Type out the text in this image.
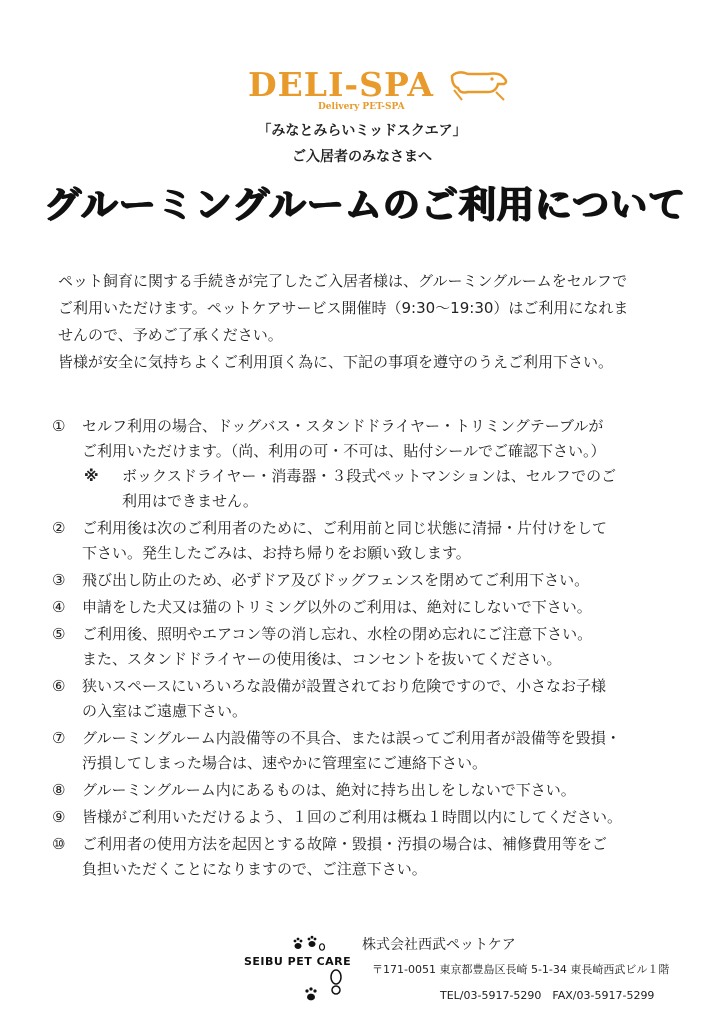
DELI-SPA
Delivery PET-SPA
「みなとみらいミッドスクエア」
ご入居者のみなさまへ
グルーミングルームのご利用について
ペット飼育に関する手続きが完了したご入居者様は、グルーミングルームをセルフで
ご利用いただけます。ペットケアサービス開催時（9:30〜19:30）はご利用になれま
せんので、予めご了承ください。
皆様が安全に気持ちよくご利用頂く為に、下記の事項を遵守のうえご利用下さい。
① セルフ利用の場合、ドッグバス・スタンドドライヤー・トリミングテーブルが
ご利用いただけます。（尚、利用の可・不可は、貼付シールでご確認下さい。）
※ ボックスドライヤー・消毒器・３段式ペットマンションは、セルフでのご
利用はできません。
② ご利用後は次のご利用者のために、ご利用前と同じ状態に清掃・片付けをして
下さい。発生したごみは、お持ち帰りをお願い致します。
③ 飛び出し防止のため、必ずドア及びドッグフェンスを閉めてご利用下さい。
④ 申請をした犬又は猫のトリミング以外のご利用は、絶対にしないで下さい。
⑤ ご利用後、照明やエアコン等の消し忘れ、水栓の閉め忘れにご注意下さい。
また、スタンドドライヤーの使用後は、コンセントを抜いてください。
⑥ 狭いスペースにいろいろな設備が設置されており危険ですので、小さなお子様
の入室はご遠慮下さい。
⑦ グルーミングルーム内設備等の不具合、または誤ってご利用者が設備等を毀損・
汚損してしまった場合は、速やかに管理室にご連絡下さい。
⑧ グルーミングルーム内にあるものは、絶対に持ち出しをしないで下さい。
⑨ 皆様がご利用いただけるよう、１回のご利用は概ね１時間以内にしてください。
⑩ ご利用者の使用方法を起因とする故障・毀損・汚損の場合は、補修費用等をご
負担いただくことになりますので、ご注意下さい。
SEIBU PET CARE
株式会社西武ペットケア
〒171-0051 東京都豊島区長崎 5-1-34 東長崎西武ビル１階
TEL/03-5917-5290　FAX/03-5917-5299
